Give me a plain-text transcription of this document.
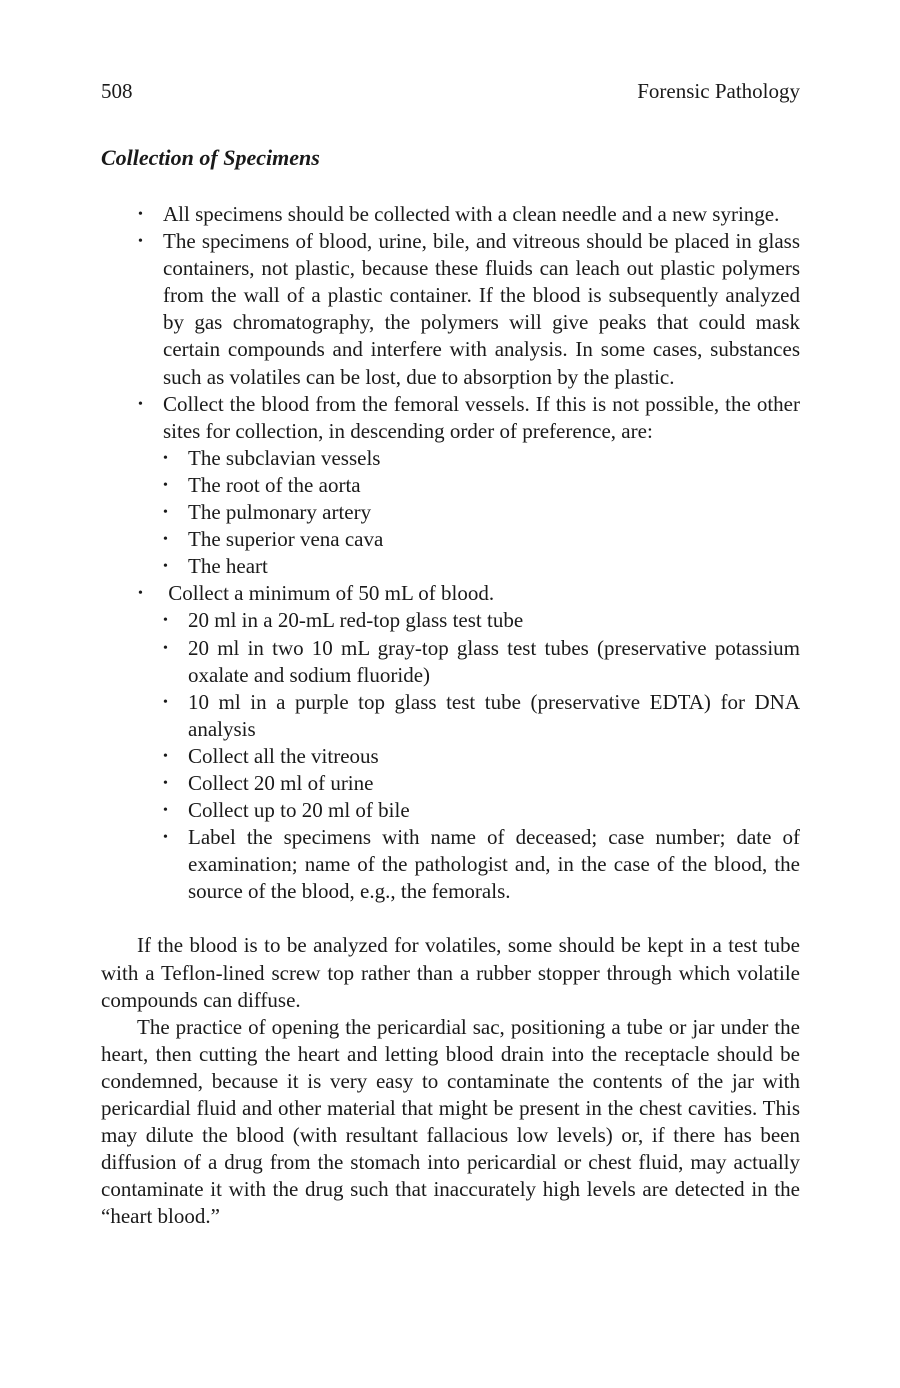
508	Forensic Pathology
Collection of Specimens
• All specimens should be collected with a clean needle and a new syringe.
• The specimens of blood, urine, bile, and vitreous should be placed in glass containers, not plastic, because these fluids can leach out plastic polymers from the wall of a plastic container. If the blood is subsequently analyzed by gas chromatography, the polymers will give peaks that could mask certain compounds and interfere with analysis. In some cases, substances such as volatiles can be lost, due to absorption by the plastic.
• Collect the blood from the femoral vessels. If this is not possible, the other sites for collection, in descending order of preference, are:
• The subclavian vessels
• The root of the aorta
• The pulmonary artery
• The superior vena cava
• The heart
• Collect a minimum of 50 mL of blood.
• 20 ml in a 20-mL red-top glass test tube
• 20 ml in two 10 mL gray-top glass test tubes (preservative potassium oxalate and sodium fluoride)
• 10 ml in a purple top glass test tube (preservative EDTA) for DNA analysis
• Collect all the vitreous
• Collect 20 ml of urine
• Collect up to 20 ml of bile
• Label the specimens with name of deceased; case number; date of examination; name of the pathologist and, in the case of the blood, the source of the blood, e.g., the femorals.

If the blood is to be analyzed for volatiles, some should be kept in a test tube with a Teflon-lined screw top rather than a rubber stopper through which volatile compounds can diffuse.

The practice of opening the pericardial sac, positioning a tube or jar under the heart, then cutting the heart and letting blood drain into the receptacle should be condemned, because it is very easy to contaminate the contents of the jar with pericardial fluid and other material that might be present in the chest cavities. This may dilute the blood (with resultant fallacious low levels) or, if there has been diffusion of a drug from the stomach into pericardial or chest fluid, may actually contaminate it with the drug such that inaccurately high levels are detected in the “heart blood.”
